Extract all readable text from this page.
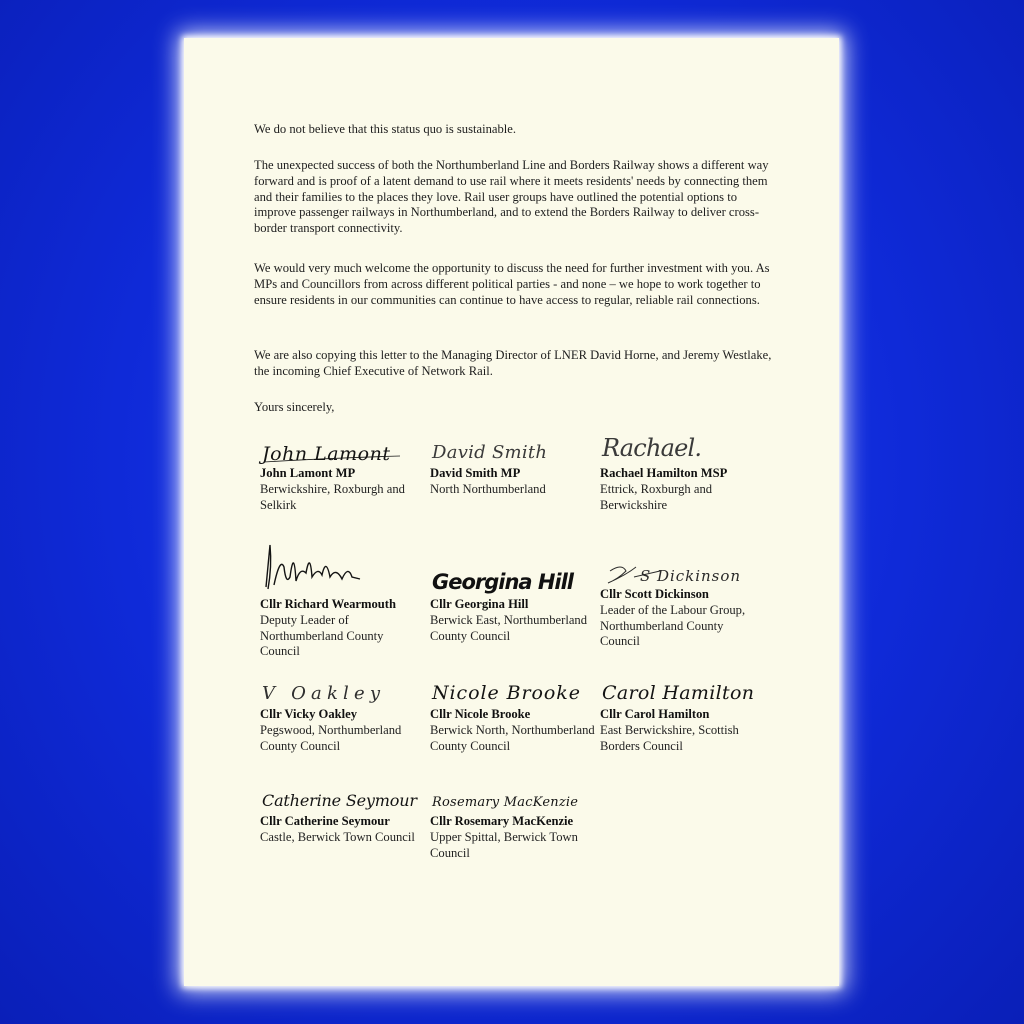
We do not believe that this status quo is sustainable.

The unexpected success of both the Northumberland Line and Borders Railway shows a different way forward and is proof of a latent demand to use rail where it meets residents' needs by connecting them and their families to the places they love. Rail user groups have outlined the potential options to improve passenger railways in Northumberland, and to extend the Borders Railway to deliver cross-border transport connectivity.

We would very much welcome the opportunity to discuss the need for further investment with you. As MPs and Councillors from across different political parties - and none – we hope to work together to ensure residents in our communities can continue to have access to regular, reliable rail connections.

We are also copying this letter to the Managing Director of LNER David Horne, and Jeremy Westlake, the incoming Chief Executive of Network Rail.

Yours sincerely,

John Lamont
John Lamont MP
Berwickshire, Roxburgh and Selkirk
David Smith
David Smith MP
North Northumberland
Rachael.
Rachael Hamilton MSP
Ettrick, Roxburgh and Berwickshire
Cllr Richard Wearmouth
Deputy Leader of Northumberland County Council
Georgina Hill
Cllr Georgina Hill
Berwick East, Northumberland County Council
S Dickinson
Cllr Scott Dickinson
Leader of the Labour Group, Northumberland County Council
V Oakley
Cllr Vicky Oakley
Pegswood, Northumberland County Council
Nicole Brooke
Cllr Nicole Brooke
Berwick North, Northumberland County Council
Carol Hamilton
Cllr Carol Hamilton
East Berwickshire, Scottish Borders Council
Catherine Seymour
Cllr Catherine Seymour
Castle, Berwick Town Council
Rosemary MacKenzie
Cllr Rosemary MacKenzie
Upper Spittal, Berwick Town Council
